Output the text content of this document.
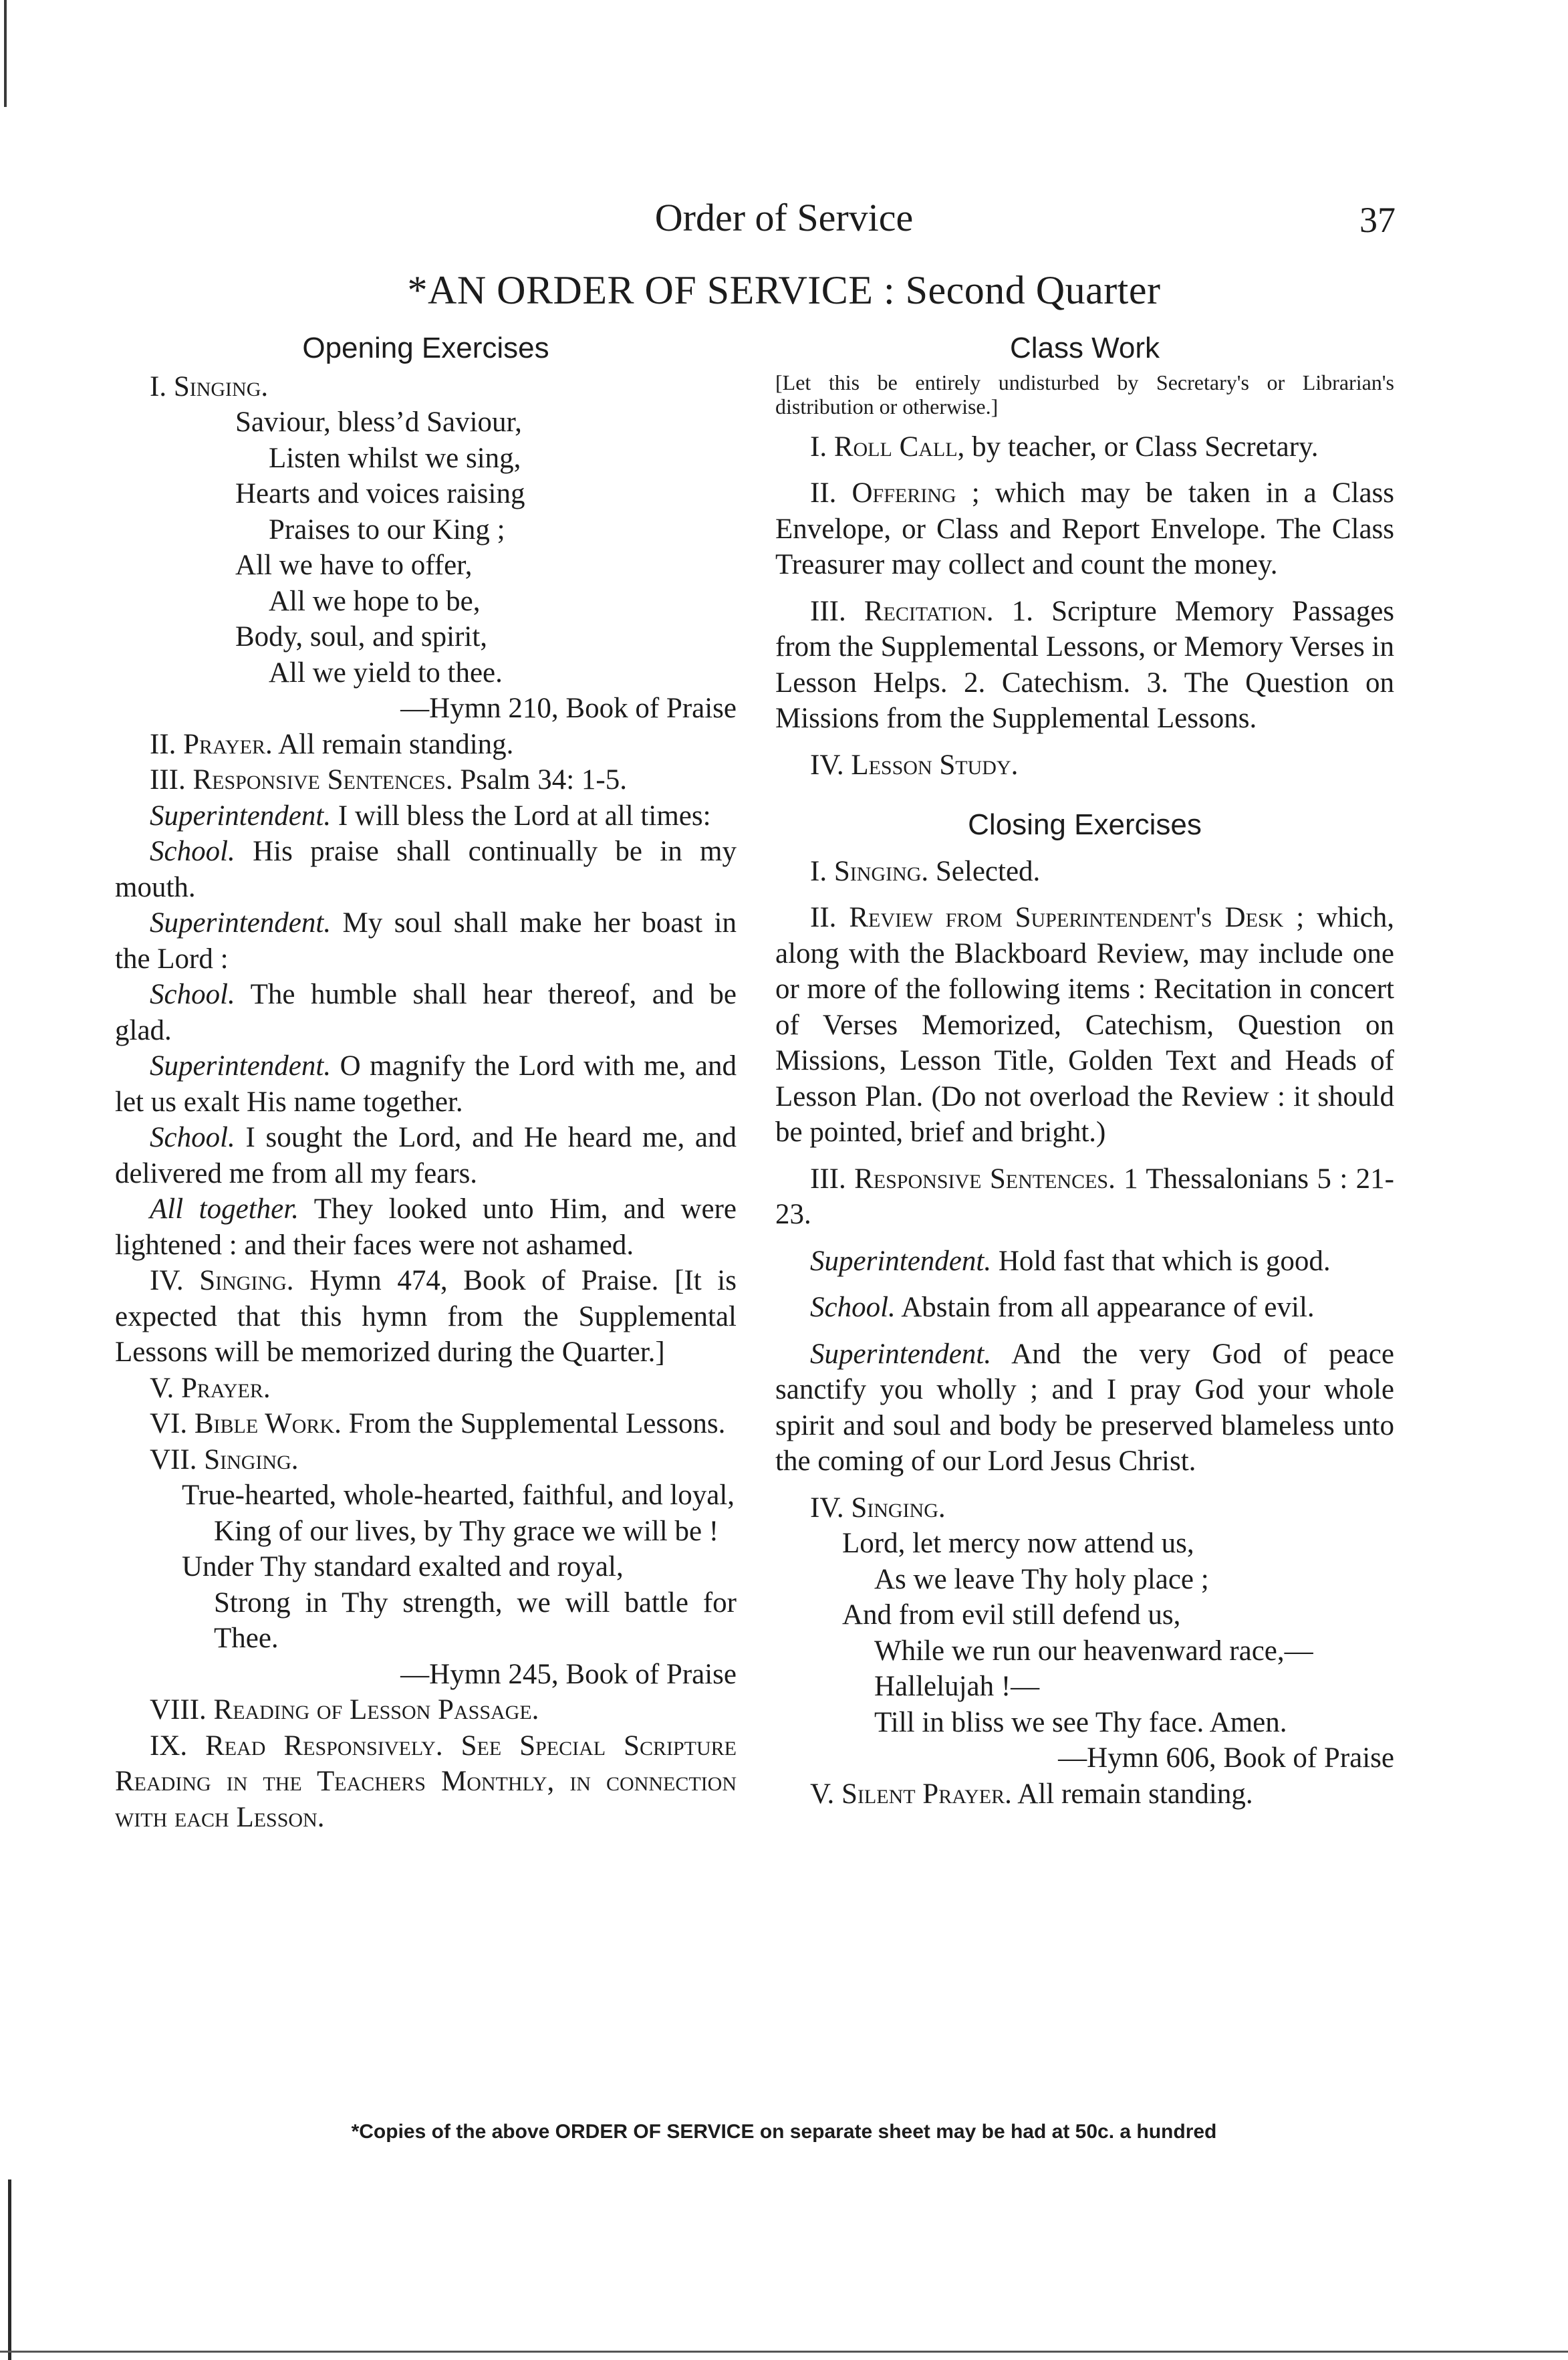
Order of Service	37
*AN ORDER OF SERVICE : Second Quarter
Opening Exercises

I. Singing.

Saviour, blessʼd Saviour,

Listen whilst we sing,

Hearts and voices raising

Praises to our King ;

All we have to offer,

All we hope to be,

Body, soul, and spirit,

All we yield to thee.

—Hymn 210, Book of Praise

II. Prayer. All remain standing.

III. Responsive Sentences. Psalm 34: 1-5.

Superintendent. I will bless the Lord at all times:

School. His praise shall continually be in my mouth.

Superintendent. My soul shall make her boast in the Lord :

School. The humble shall hear thereof, and be glad.

Superintendent. O magnify the Lord with me, and let us exalt His name together.

School. I sought the Lord, and He heard me, and delivered me from all my fears.

All together. They looked unto Him, and were lightened : and their faces were not ashamed.

IV. Singing. Hymn 474, Book of Praise. [It is expected that this hymn from the Supplemental Lessons will be memorized during the Quarter.]

V. Prayer.

VI. Bible Work. From the Supplemental Lessons.

VII. Singing.

True-hearted, whole-hearted, faithful, and loyal,

King of our lives, by Thy grace we will be !

Under Thy standard exalted and royal,

Strong in Thy strength, we will battle for Thee.

—Hymn 245, Book of Praise

VIII. Reading of Lesson Passage.

IX. Read Responsively. See Special Scripture Reading in the Teachers Monthly, in connection with each Lesson.

Class Work

[Let this be entirely undisturbed by Secretary's or Librarian's distribution or otherwise.]

I. Roll Call, by teacher, or Class Secretary.

II. Offering ; which may be taken in a Class Envelope, or Class and Report Envelope. The Class Treasurer may collect and count the money.

III. Recitation. 1. Scripture Memory Passages from the Supplemental Lessons, or Memory Verses in Lesson Helps. 2. Catechism. 3. The Question on Missions from the Supplemental Lessons.

IV. Lesson Study.

Closing Exercises

I. Singing. Selected.

II. Review from Superintendent's Desk ; which, along with the Blackboard Review, may include one or more of the following items : Recitation in concert of Verses Memorized, Catechism, Question on Missions, Lesson Title, Golden Text and Heads of Lesson Plan. (Do not overload the Review : it should be pointed, brief and bright.)

III. Responsive Sentences. 1 Thessalonians 5 : 21-23.

Superintendent. Hold fast that which is good.

School. Abstain from all appearance of evil.

Superintendent. And the very God of peace sanctify you wholly ; and I pray God your whole spirit and soul and body be preserved blameless unto the coming of our Lord Jesus Christ.

IV. Singing.

Lord, let mercy now attend us,

As we leave Thy holy place ;

And from evil still defend us,

While we run our heavenward race,—

Hallelujah !—

Till in bliss we see Thy face. Amen.

—Hymn 606, Book of Praise

V. Silent Prayer. All remain standing.

*Copies of the above ORDER OF SERVICE on separate sheet may be had at 50c. a hundred
